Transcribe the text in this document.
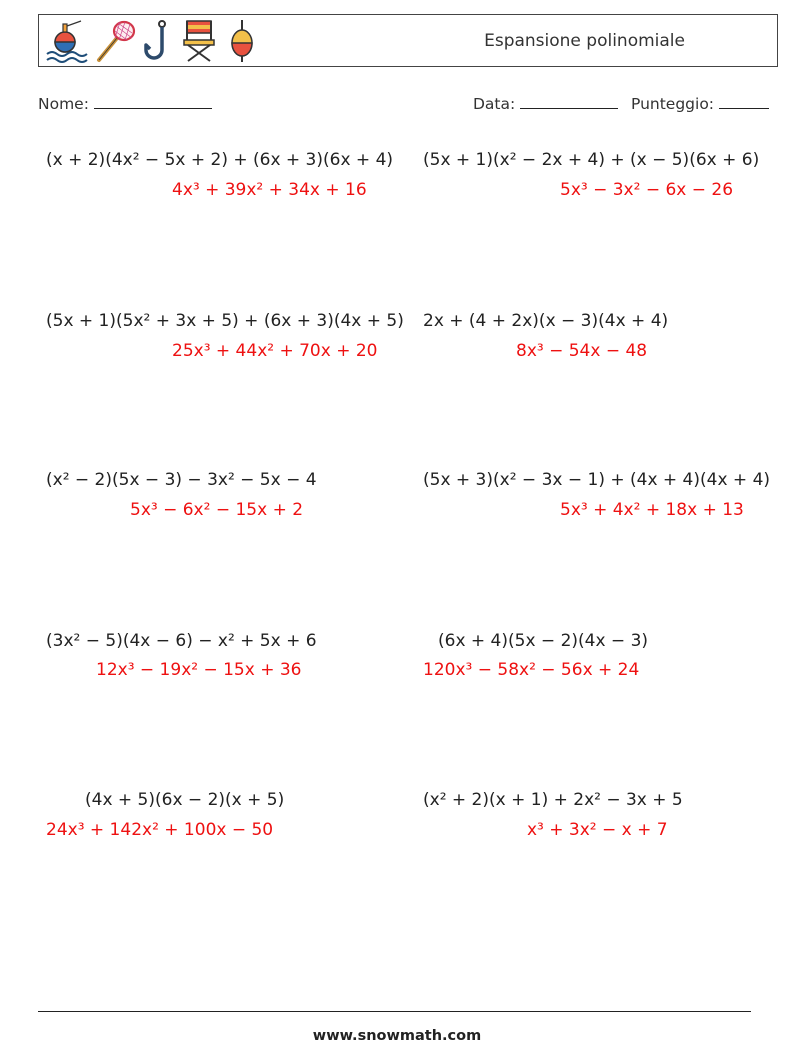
Espansione polinomiale
Nome:	Data:	Punteggio:
(x + 2)(4x² − 5x + 2) + (6x + 3)(6x + 4)
4x³ + 39x² + 34x + 16
(5x + 1)(5x² + 3x + 5) + (6x + 3)(4x + 5)
25x³ + 44x² + 70x + 20
(x² − 2)(5x − 3) − 3x² − 5x − 4
5x³ − 6x² − 15x + 2
(3x² − 5)(4x − 6) − x² + 5x + 6
12x³ − 19x² − 15x + 36
(4x + 5)(6x − 2)(x + 5)
24x³ + 142x² + 100x − 50
(5x + 1)(x² − 2x + 4) + (x − 5)(6x + 6)
5x³ − 3x² − 6x − 26
2x + (4 + 2x)(x − 3)(4x + 4)
8x³ − 54x − 48
(5x + 3)(x² − 3x − 1) + (4x + 4)(4x + 4)
5x³ + 4x² + 18x + 13
(6x + 4)(5x − 2)(4x − 3)
120x³ − 58x² − 56x + 24
(x² + 2)(x + 1) + 2x² − 3x + 5
x³ + 3x² − x + 7
www.snowmath.com
